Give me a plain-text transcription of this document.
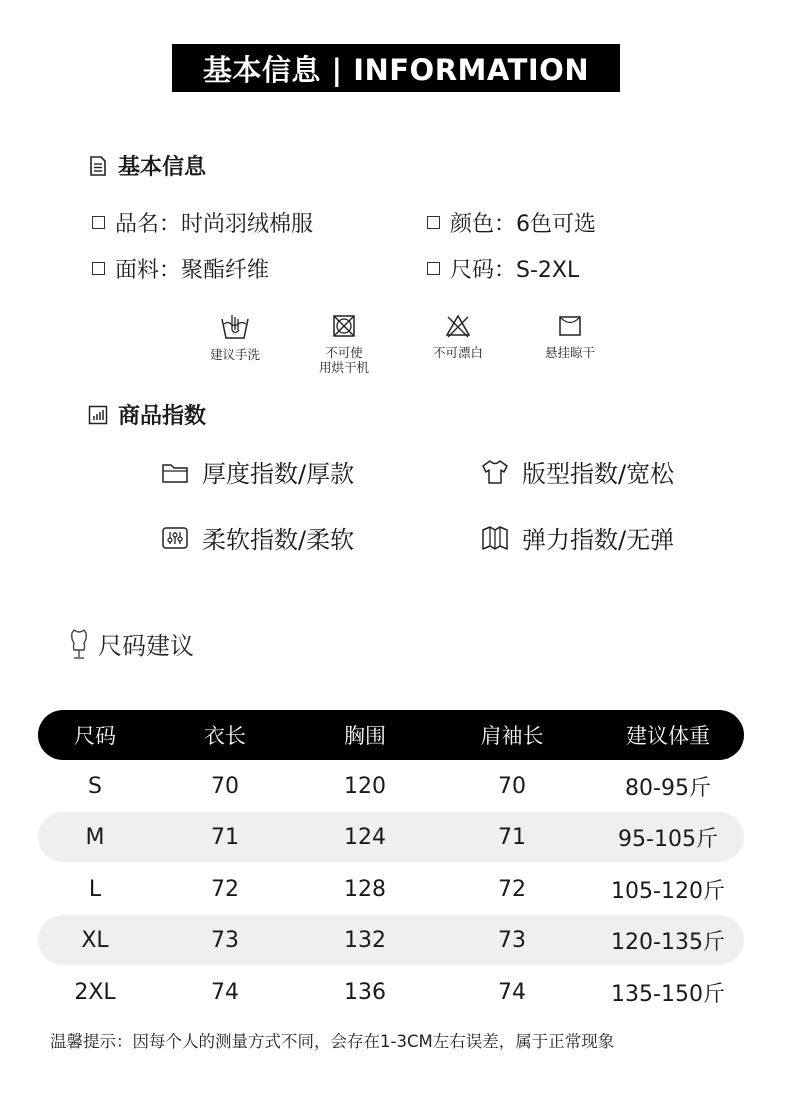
基本信息 | INFORMATION
基本信息
品名：时尚羽绒棉服	颜色：6色可选
面料：聚酯纤维	尺码：S-2XL
建议手洗	不可使
用烘干机
不可漂白	悬挂晾干
商品指数
厚度指数/厚款	版型指数/宽松
柔软指数/柔软	弹力指数/无弹
尺码建议
尺码	衣长	胸围	肩袖长	建议体重
S	70	120	70	80-95斤
M	71	124	71	95-105斤
L	72	128	72	105-120斤
XL	73	132	73	120-135斤
2XL	74	136	74	135-150斤
温馨提示：因每个人的测量方式不同，会存在1-3CM左右误差，属于正常现象
